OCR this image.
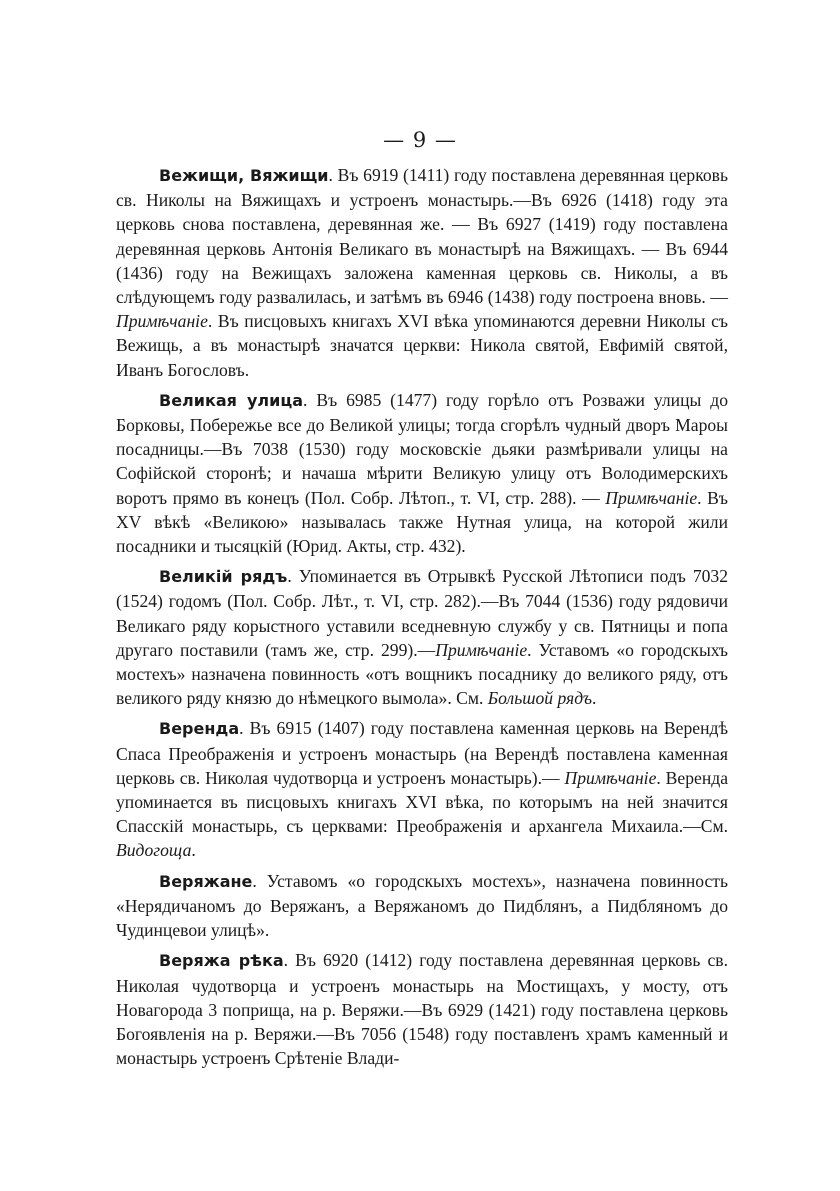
— 9 —

Вежищи, Вяжищи. Въ 6919 (1411) году поставлена деревянная церковь св. Николы на Вяжищахъ и устроенъ монастырь.—Въ 6926 (1418) году эта церковь снова поставлена, деревянная же. — Въ 6927 (1419) году поставлена деревянная церковь Антонія Великаго въ монастырѣ на Вяжищахъ. — Въ 6944 (1436) году на Вежищахъ заложена каменная церковь св. Николы, а въ слѣдующемъ году развалилась, и затѣмъ въ 6946 (1438) году построена вновь. — Примѣчаніе. Въ писцовыхъ книгахъ XVI вѣка упоминаются деревни Николы съ Вежищь, а въ монастырѣ значатся церкви: Никола святой, Евфимій святой, Иванъ Богословъ.

Великая улица. Въ 6985 (1477) году горѣло отъ Розважи улицы до Борковы, Побережье все до Великой улицы; тогда сгорѣлъ чудный дворъ Мароы посадницы.—Въ 7038 (1530) году московскіе дьяки размѣривали улицы на Софійской сторонѣ; и начаша мѣрити Великую улицу отъ Володимерскихъ воротъ прямо въ конецъ (Пол. Собр. Лѣтоп., т. VI, стр. 288). — Примѣчаніе. Въ XV вѣкѣ «Великою» называлась также Нутная улица, на которой жили посадники и тысяцкій (Юрид. Акты, стр. 432).

Великій рядъ. Упоминается въ Отрывкѣ Русской Лѣтописи подъ 7032 (1524) годомъ (Пол. Собр. Лѣт., т. VI, стр. 282).—Въ 7044 (1536) году рядовичи Великаго ряду корыстного уставили вседневную службу у св. Пятницы и попа другаго поставили (тамъ же, стр. 299).—Примѣчаніе. Уставомъ «о городскыхъ мостехъ» назначена повинность «отъ вощникъ посаднику до великого ряду, отъ великого ряду князю до нѣмецкого вымола». См. Большой рядъ.

Веренда. Въ 6915 (1407) году поставлена каменная церковь на Верендѣ Спаса Преображенія и устроенъ монастырь (на Верендѣ поставлена каменная церковь св. Николая чудотворца и устроенъ монастырь).— Примѣчаніе. Веренда упоминается въ писцовыхъ книгахъ XVI вѣка, по которымъ на ней значится Спасскій монастырь, съ церквами: Преображенія и архангела Михаила.—См. Видогоща.

Веряжане. Уставомъ «о городскыхъ мостехъ», назначена повинность «Нерядичаномъ до Веряжанъ, а Веряжаномъ до Пидблянъ, а Пидбляномъ до Чудинцевои улицѣ».

Веряжа рѣка. Въ 6920 (1412) году поставлена деревянная церковь св. Николая чудотворца и устроенъ монастырь на Мостищахъ, у мосту, отъ Новагорода 3 поприща, на р. Веряжи.—Въ 6929 (1421) году поставлена церковь Богоявленія на р. Веряжи.—Въ 7056 (1548) году поставленъ храмъ каменный и монастырь устроенъ Срѣтеніе Влади-
